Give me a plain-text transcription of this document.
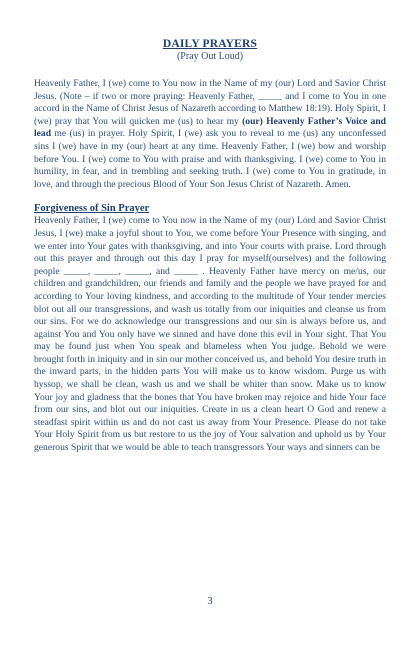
DAILY PRAYERS
(Pray Out Loud)

Heavenly Father, I (we) come to You now in the Name of my (our) Lord and Savior Christ Jesus. (Note – if two or more praying: Heavenly Father, _____ and I come to You in one accord in the Name of Christ Jesus of Nazareth according to Matthew 18:19). Holy Spirit, I (we) pray that You will quicken me (us) to hear my (our) Heavenly Father’s Voice and lead me (us) in prayer. Holy Spirit, I (we) ask you to reveal to me (us) any unconfessed sins I (we) have in my (our) heart at any time. Heavenly Father, I (we) bow and worship before You. I (we) come to You with praise and with thanksgiving. I (we) come to You in humility, in fear, and in trembling and seeking truth. I (we) come to You in gratitude, in love, and through the precious Blood of Your Son Jesus Christ of Nazareth. Amen.

Forgiveness of Sin Prayer

Heavenly Father, I (we) come to You now in the Name of my (our) Lord and Savior Christ Jesus, I (we) make a joyful shout to You, we come before Your Presence with singing, and we enter into Your gates with thanksgiving, and into Your courts with praise. Lord through out this prayer and through out this day I pray for myself(ourselves) and the following people _____, _____, _____, and _____ . Heavenly Father have mercy on me/us, our children and grandchildren, our friends and family and the people we have prayed for and according to Your loving kindness, and according to the multitude of Your tender mercies blot out all our transgressions, and wash us totally from our iniquities and cleanse us from our sins. For we do acknowledge our transgressions and our sin is always before us, and against You and You only have we sinned and have done this evil in Your sight. That You may be found just when You speak and blameless when You judge. Behold we were brought forth in iniquity and in sin our mother conceived us, and behold You desire truth in the inward parts, in the hidden parts You will make us to know wisdom. Purge us with hyssop, we shall be clean, wash us and we shall be whiter than snow. Make us to know Your joy and gladness that the bones that You have broken may rejoice and hide Your face from our sins, and blot out our iniquities. Create in us a clean heart O God and renew a steadfast spirit within us and do not cast us away from Your Presence. Please do not take Your Holy Spirit from us but restore to us the joy of Your salvation and uphold us by Your generous Spirit that we would be able to teach transgressors Your ways and sinners can be

3
